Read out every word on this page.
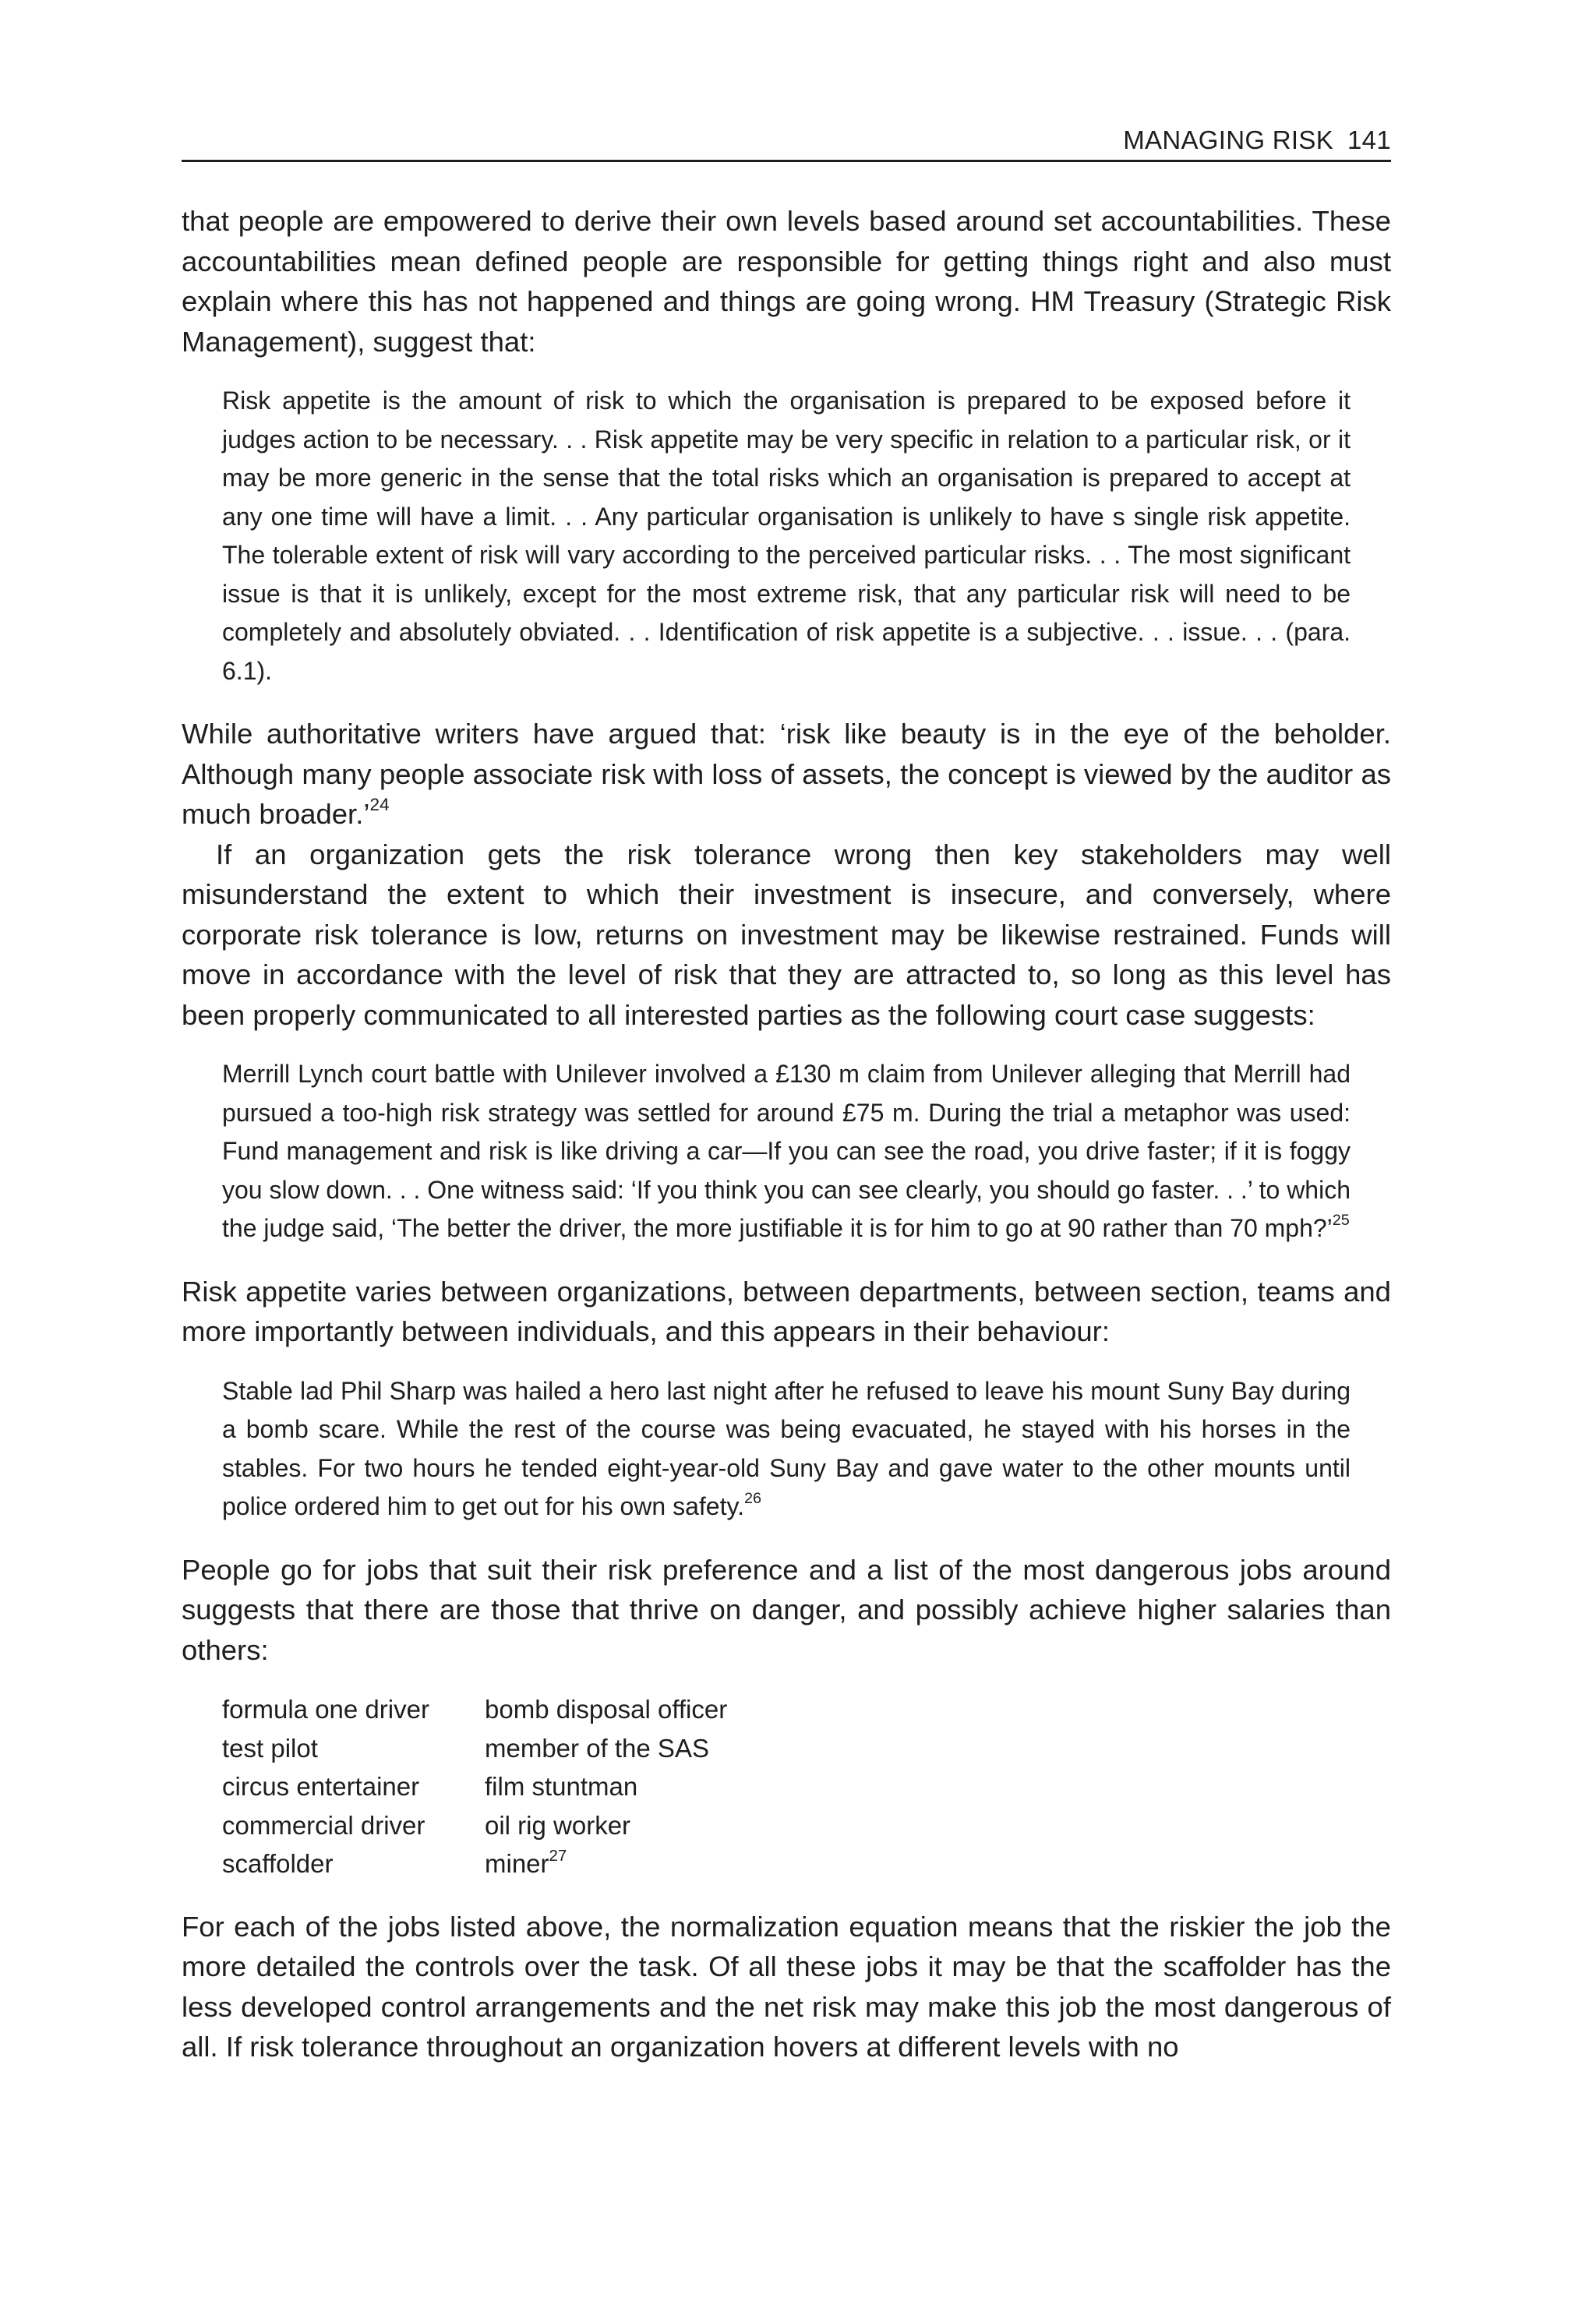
MANAGING RISK 141

that people are empowered to derive their own levels based around set accountabilities. These accountabilities mean defined people are responsible for getting things right and also must explain where this has not happened and things are going wrong. HM Treasury (Strategic Risk Management), suggest that:

Risk appetite is the amount of risk to which the organisation is prepared to be exposed before it judges action to be necessary. . . Risk appetite may be very specific in relation to a particular risk, or it may be more generic in the sense that the total risks which an organisation is prepared to accept at any one time will have a limit. . . Any particular organisation is unlikely to have s single risk appetite. The tolerable extent of risk will vary according to the perceived particular risks. . . The most significant issue is that it is unlikely, except for the most extreme risk, that any particular risk will need to be completely and absolutely obviated. . . Identification of risk appetite is a subjective. . . issue. . . (para. 6.1).

While authoritative writers have argued that: ‘risk like beauty is in the eye of the beholder. Although many people associate risk with loss of assets, the concept is viewed by the auditor as much broader.’$^{24}$

If an organization gets the risk tolerance wrong then key stakeholders may well misunderstand the extent to which their investment is insecure, and conversely, where corporate risk tolerance is low, returns on investment may be likewise restrained. Funds will move in accordance with the level of risk that they are attracted to, so long as this level has been properly communicated to all interested parties as the following court case suggests:

Merrill Lynch court battle with Unilever involved a £130 m claim from Unilever alleging that Merrill had pursued a too-high risk strategy was settled for around £75 m. During the trial a metaphor was used: Fund management and risk is like driving a car—If you can see the road, you drive faster; if it is foggy you slow down. . . One witness said: ‘If you think you can see clearly, you should go faster. . .’ to which the judge said, ‘The better the driver, the more justifiable it is for him to go at 90 rather than 70 mph?’$^{25}$

Risk appetite varies between organizations, between departments, between section, teams and more importantly between individuals, and this appears in their behaviour:

Stable lad Phil Sharp was hailed a hero last night after he refused to leave his mount Suny Bay during a bomb scare. While the rest of the course was being evacuated, he stayed with his horses in the stables. For two hours he tended eight-year-old Suny Bay and gave water to the other mounts until police ordered him to get out for his own safety.$^{26}$

People go for jobs that suit their risk preference and a list of the most dangerous jobs around suggests that there are those that thrive on danger, and possibly achieve higher salaries than others:

formula one driver	bomb disposal officer
test pilot	member of the SAS
circus entertainer	film stuntman
commercial driver	oil rig worker
scaffolder	miner$^{27}$

For each of the jobs listed above, the normalization equation means that the riskier the job the more detailed the controls over the task. Of all these jobs it may be that the scaffolder has the less developed control arrangements and the net risk may make this job the most dangerous of all. If risk tolerance throughout an organization hovers at different levels with no
